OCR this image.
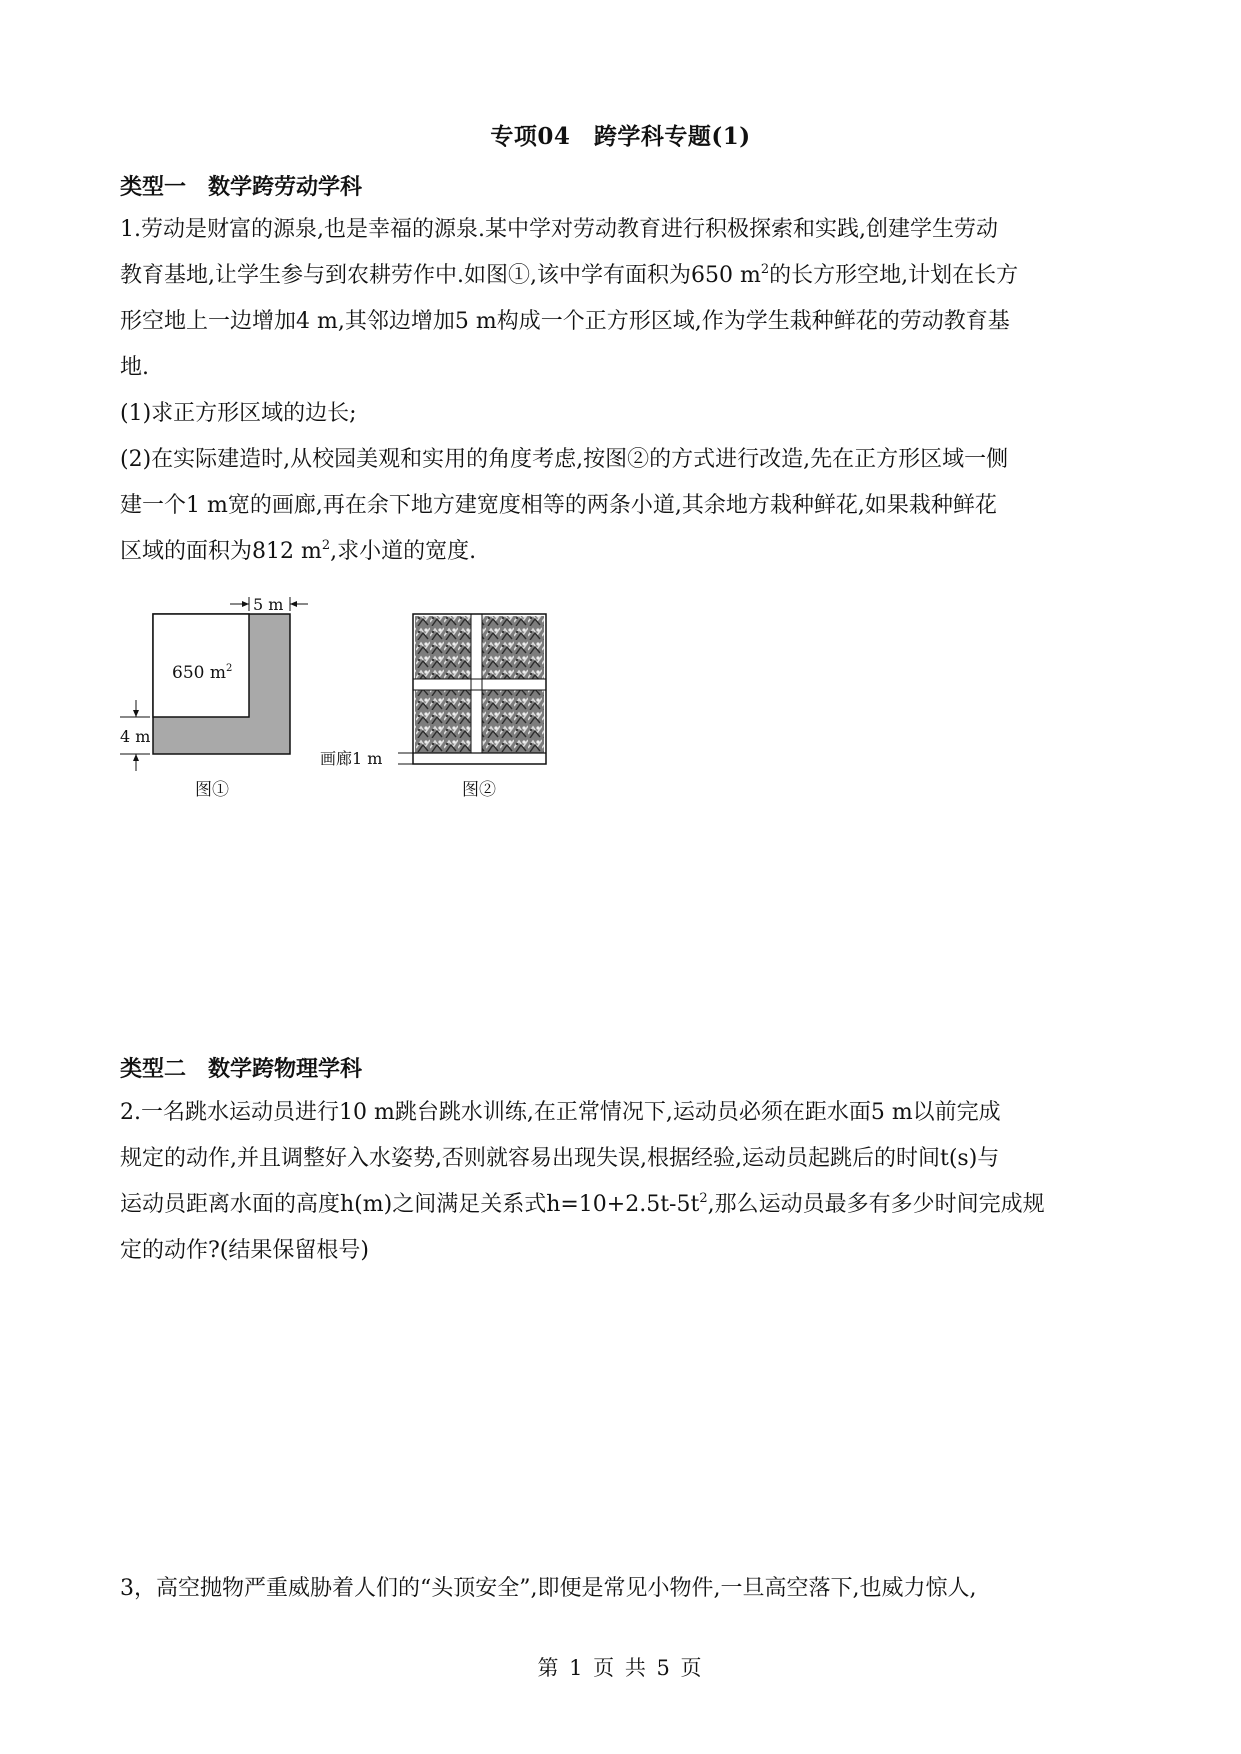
专项04　跨学科专题(1)
类型一　数学跨劳动学科
1.劳动是财富的源泉,也是幸福的源泉.某中学对劳动教育进行积极探索和实践,创建学生劳动
教育基地,让学生参与到农耕劳作中.如图①,该中学有面积为650 $m^2$的长方形空地,计划在长方
形空地上一边增加4 m,其邻边增加5 m构成一个正方形区域,作为学生栽种鲜花的劳动教育基
地.
(1)求正方形区域的边长;
(2)在实际建造时,从校园美观和实用的角度考虑,按图②的方式进行改造,先在正方形区域一侧
建一个1 m宽的画廊,再在余下地方建宽度相等的两条小道,其余地方栽种鲜花,如果栽种鲜花
区域的面积为812 $m^2$,求小道的宽度.
650 $m^2$
5 m
4 m
图①
画廊1 m
图②
类型二　数学跨物理学科
2.一名跳水运动员进行10 m跳台跳水训练,在正常情况下,运动员必须在距水面5 m以前完成
规定的动作,并且调整好入水姿势,否则就容易出现失误,根据经验,运动员起跳后的时间t(s)与
运动员距离水面的高度h(m)之间满足关系式$h=10+2.5t-5t^2$,那么运动员最多有多少时间完成规
定的动作?(结果保留根号)
3，高空抛物严重威胁着人们的“头顶安全”,即便是常见小物件,一旦高空落下,也威力惊人,
第 1 页 共 5 页
